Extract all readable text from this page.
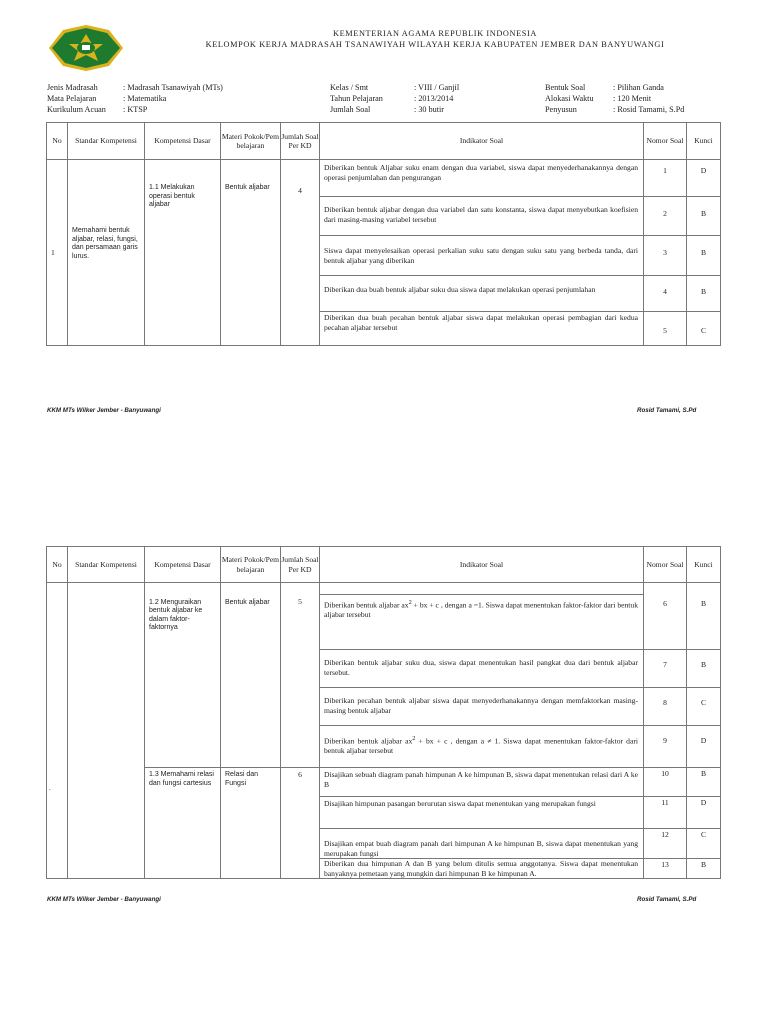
KEMENTERIAN AGAMA REPUBLIK INDONESIA
KELOMPOK KERJA MADRASAH TSANAWIYAH WILAYAH KERJA KABUPATEN JEMBER DAN BANYUWANGI
Jenis Madrasah	: Madrasah Tsanawiyah (MTs)
Mata Pelajaran	: Matematika
Kurikulum Acuan : KTSP
Kelas / Smt	: VIII / Ganjil
Tahun Pelajaran	: 2013/2014
Jumlah Soal	: 30 butir
Bentuk Soal	: Pilihan Ganda
Alokasi Waktu : 120 Menit
Penyusun	: Rosid Tamami, S.Pd
No	Standar Kompetensi	Kompetensi Dasar	Materi Pokok/Pem belajaran	Jumlah Soal Per KD	Indikator Soal	Nomor Soal	Kunci
1	Memahami bentuk aljabar, relasi, fungsi, dan persamaan garis lurus.	1.1 Melakukan operasi bentuk aljabar	Bentuk aljabar	4	Diberikan bentuk Aljabar suku enam dengan dua variabel, siswa dapat menyederhanakannya dengan operasi penjumlahan dan pengurangan	1	D
					Diberikan bentuk aljabar dengan dua variabel dan satu konstanta, siswa dapat menyebutkan koefisien dari masing-masing variabel tersebut	2	B
					Siswa dapat menyelesaikan operasi perkalian suku satu dengan suku satu yang berbeda tanda, dari bentuk aljabar yang diberikan	3	B
					Diberikan dua buah bentuk aljabar suku dua siswa dapat melakukan operasi penjumlahan	4	B
					Diberikan dua buah pecahan bentuk aljabar siswa dapat melakukan operasi pembagian dari kedua pecahan aljabar tersebut	5	C
KKM MTs Wilker Jember - Banyuwangi	Rosid Tamami, S.Pd
No	Standar Kompetensi	Kompetensi Dasar	Materi Pokok/Pem belajaran	Jumlah Soal Per KD	Indikator Soal	Nomor Soal	Kunci

		1.2 Menguraikan bentuk aljabar ke dalam faktor-faktornya	Bentuk aljabar	5	Diberikan bentuk aljabar $ax^2$ + bx + c , dengan a =1. Siswa dapat menentukan faktor-faktor dari bentuk aljabar tersebut	6	B
					Diberikan bentuk aljabar suku dua, siswa dapat menentukan hasil pangkat dua dari bentuk aljabar tersebut.	7	B
					Diberikan pecahan bentuk aljabar siswa dapat menyederhanakannya dengan memfaktorkan masing-masing bentuk aljabar	8	C
					Diberikan bentuk aljabar $ax^2$ + bx + c , dengan a ≠ 1. Siswa dapat menentukan faktor-faktor dari bentuk aljabar tersebut	9	D
		1.3 Memahami relasi dan fungsi cartesius	Relasi dan Fungsi	6	Disajikan sebuah diagram panah himpunan A ke himpunan B, siswa dapat menentukan relasi dari A ke B	10	B
					Disajikan himpunan pasangan berurutan siswa dapat menentukan yang merupakan fungsi	11	D
					Disajikan empat buah diagram panah dari himpunan A ke himpunan B, siswa dapat menentukan yang merupakan fungsi	12	C
					Diberikan dua himpunan A dan B yang belum ditulis semua anggotanya. Siswa dapat menentukan banyaknya pemetaan yang mungkin dari himpunan B ke himpunan A.	13	B
.
KKM MTs Wilker Jember - Banyuwangi	Rosid Tamami, S.Pd
